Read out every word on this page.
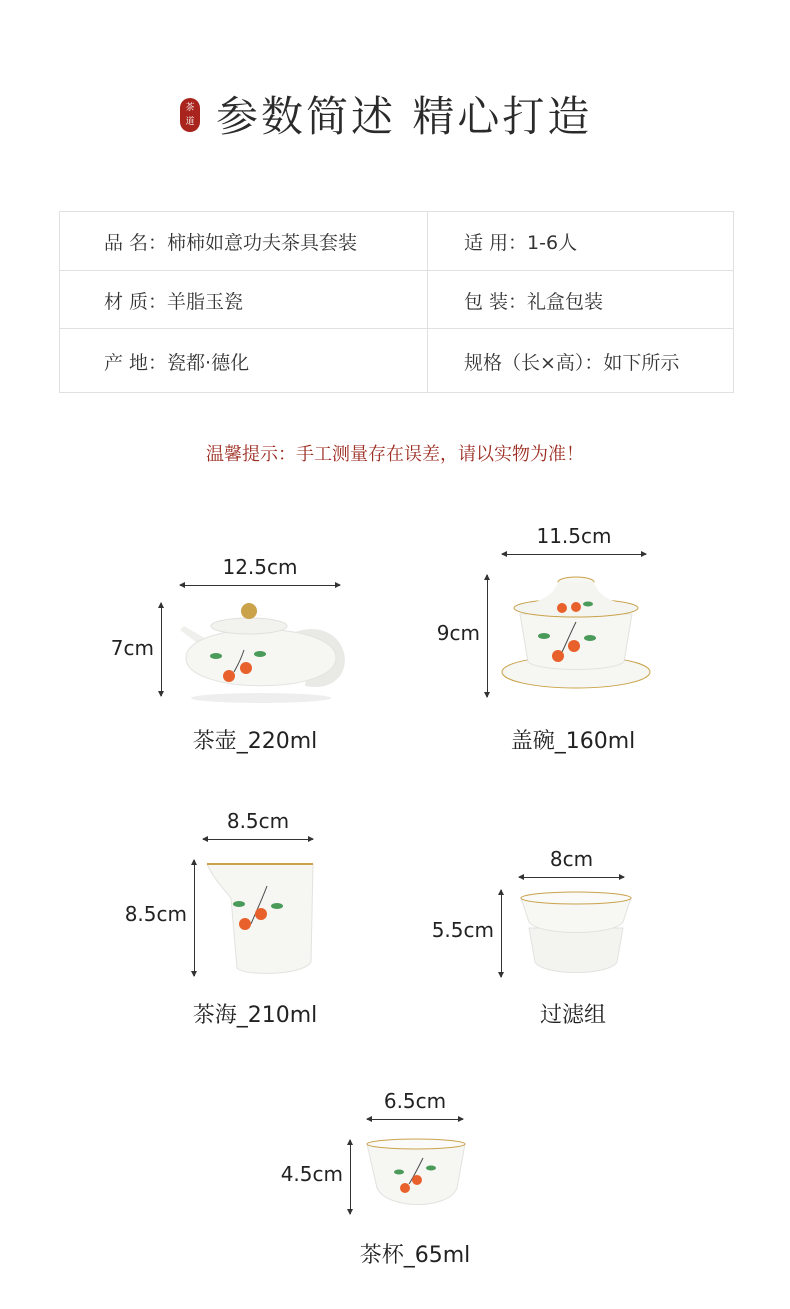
茶
道 参数简述 精心打造
品 名：柿柿如意功夫茶具套装	适 用：1-6人
材 质：羊脂玉瓷	包 装：礼盒包装
产 地：瓷都·德化	规格（长×高）：如下所示
温馨提示：手工测量存在误差，请以实物为准！
12.5cm
7cm
茶壶_220ml
11.5cm
9cm
盖碗_160ml
8.5cm
8.5cm
茶海_210ml
8cm
5.5cm
过滤组
6.5cm
4.5cm
茶杯_65ml
